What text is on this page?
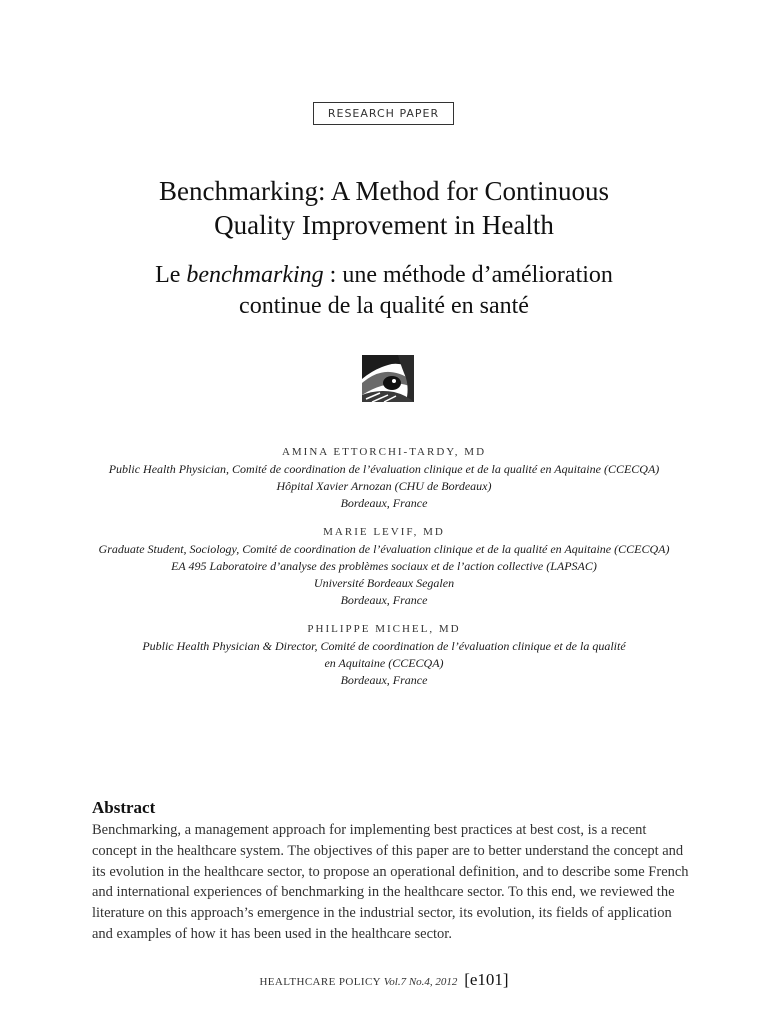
RESEARCH PAPER
Benchmarking: A Method for Continuous
Quality Improvement in Health
Le benchmarking : une méthode d’amélioration
continue de la qualité en santé
AMINA ETTORCHI-TARDY, MD
Public Health Physician, Comité de coordination de l’évaluation clinique et de la qualité en Aquitaine (CCECQA)
Hôpital Xavier Arnozan (CHU de Bordeaux)
Bordeaux, France
MARIE LEVIF, MD
Graduate Student, Sociology, Comité de coordination de l’évaluation clinique et de la qualité en Aquitaine (CCECQA)
EA 495 Laboratoire d’analyse des problèmes sociaux et de l’action collective (LAPSAC)
Université Bordeaux Segalen
Bordeaux, France
PHILIPPE MICHEL, MD
Public Health Physician & Director, Comité de coordination de l’évaluation clinique et de la qualité
en Aquitaine (CCECQA)
Bordeaux, France
Abstract

Benchmarking, a management approach for implementing best practices at best cost, is a recent concept in the healthcare system. The objectives of this paper are to better understand the concept and its evolution in the healthcare sector, to propose an operational definition, and to describe some French and international experiences of benchmarking in the healthcare sector. To this end, we reviewed the literature on this approach’s emergence in the industrial sector, its evolution, its fields of application and examples of how it has been used in the healthcare sector.

HEALTHCARE POLICY Vol.7 No.4, 2012 [e101]
